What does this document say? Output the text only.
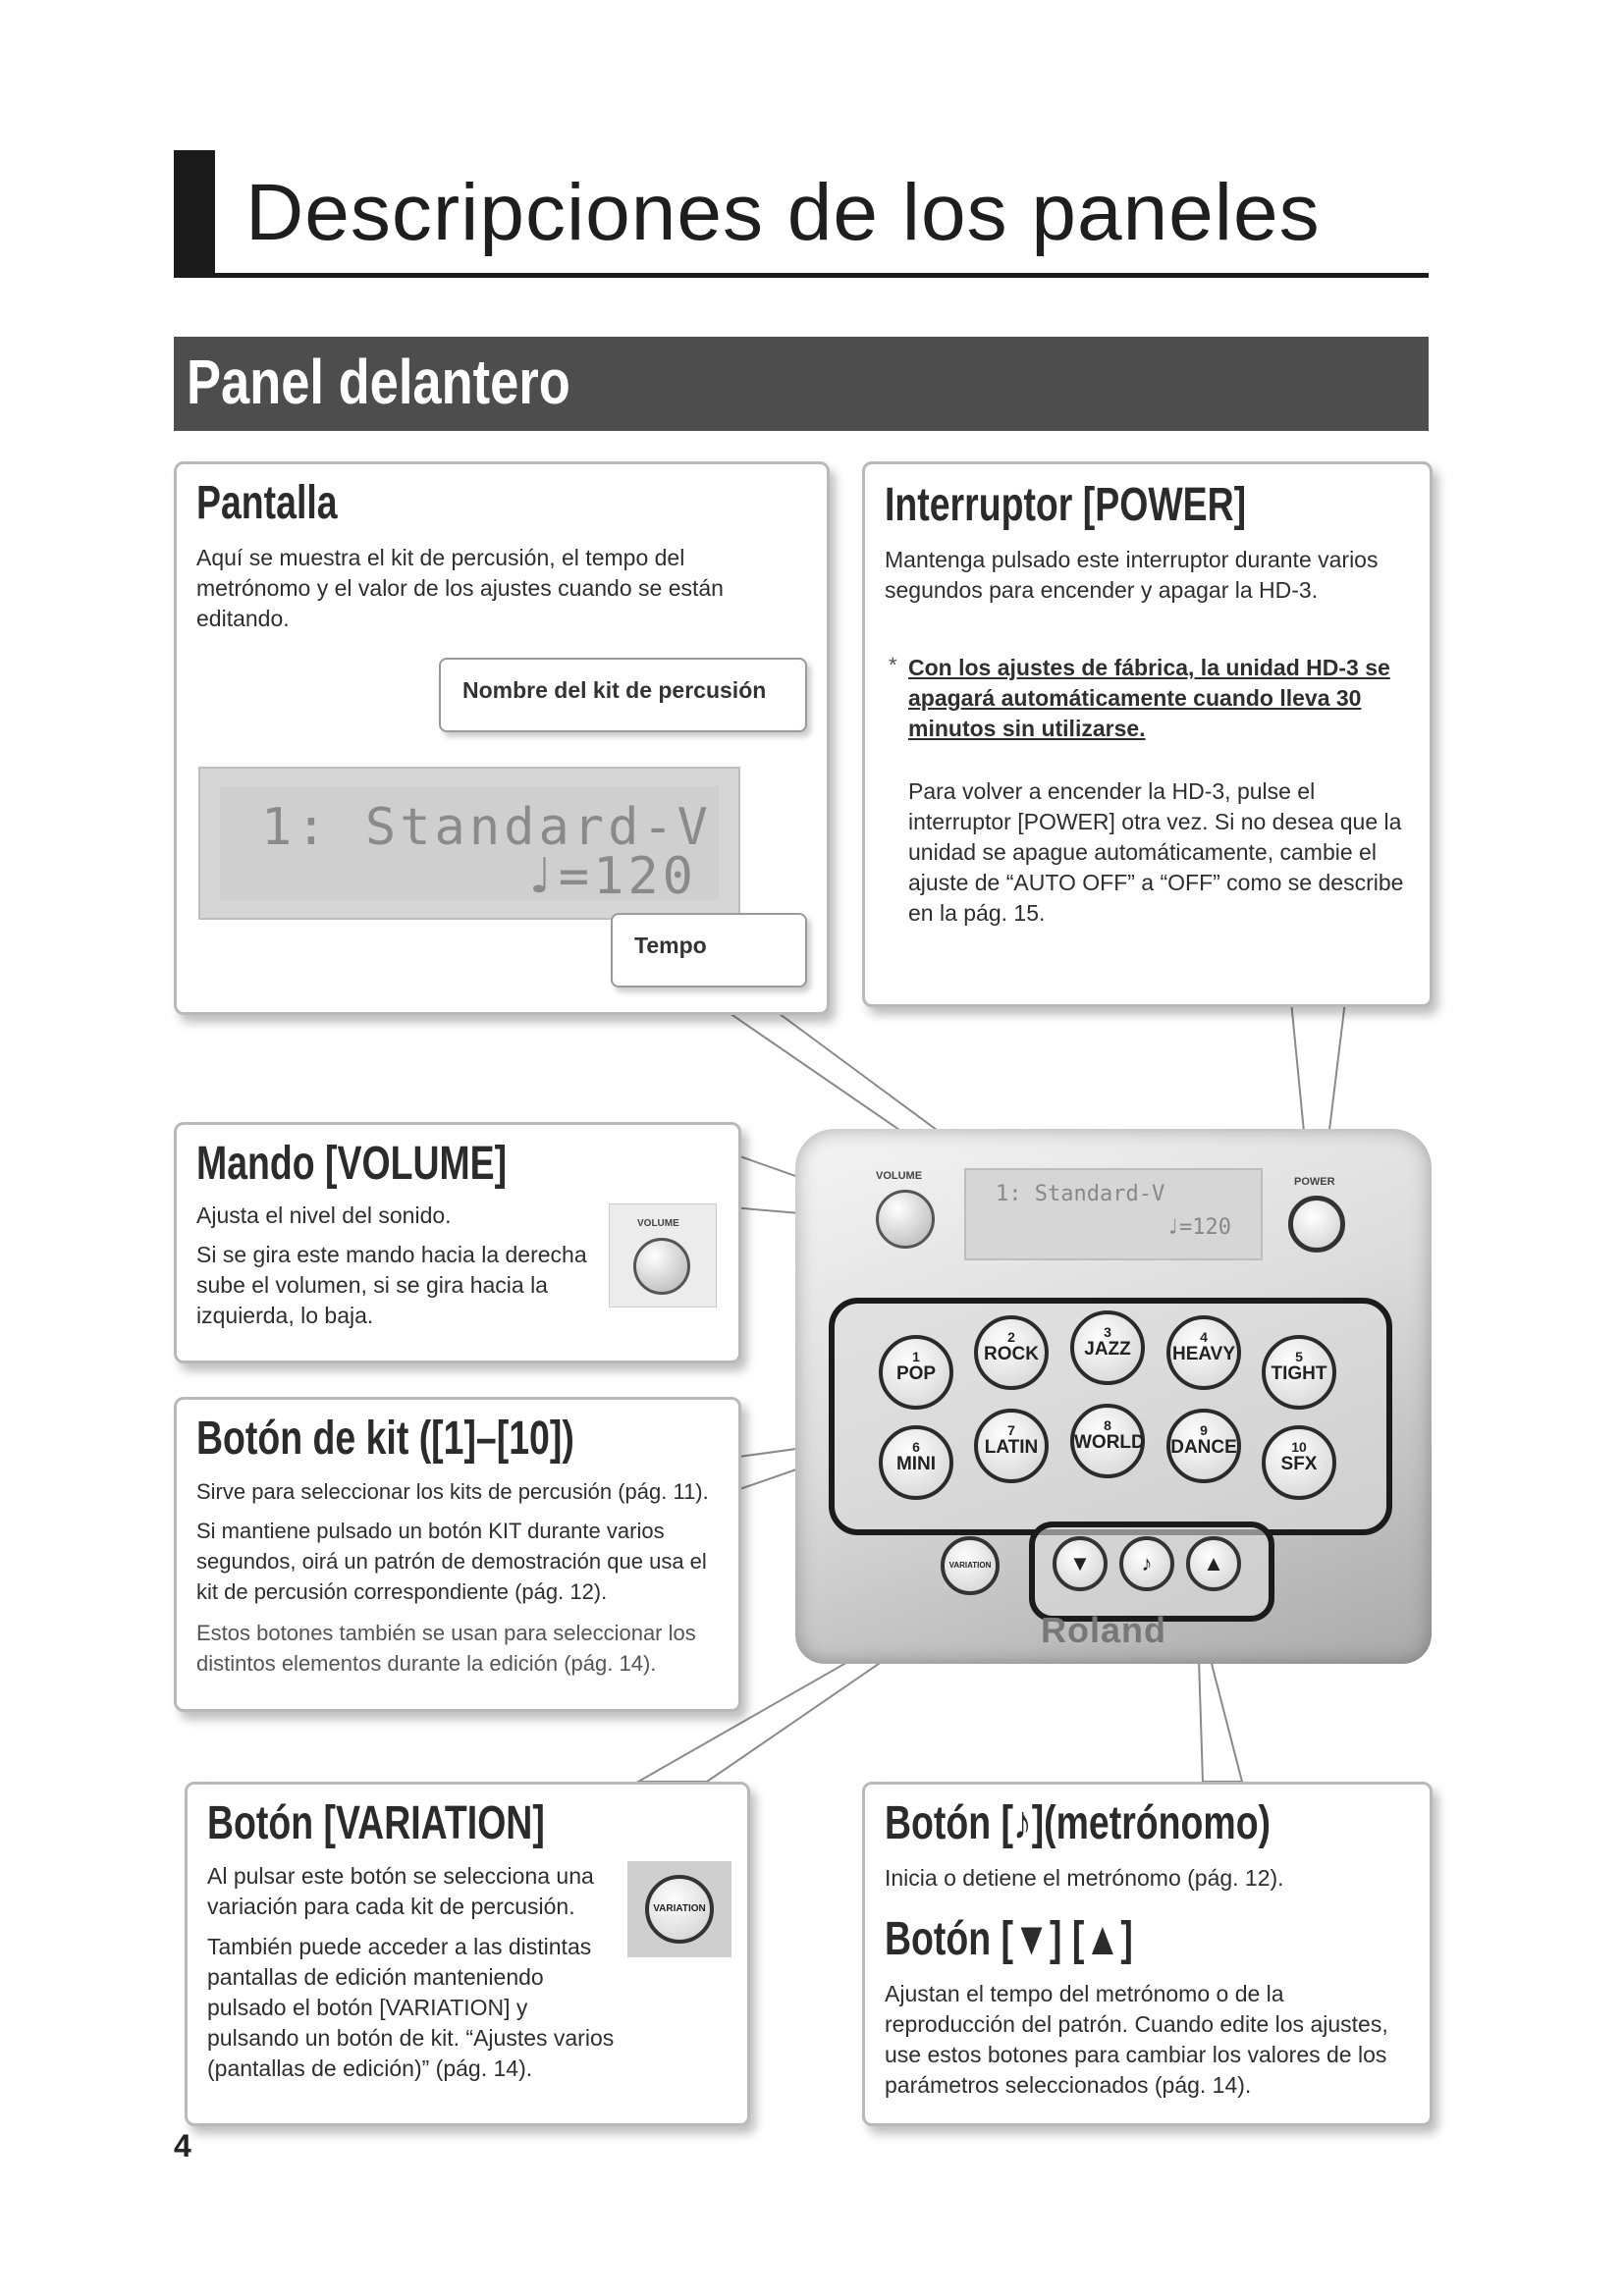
Descripciones de los paneles
Panel delantero
Pantalla

Aquí se muestra el kit de percusión, el tempo del metrónomo y el valor de los ajustes cuando se están editando.

Nombre del kit de percusión
1: Standard-V
♩=120
Tempo
Interruptor [POWER]

Mantenga pulsado este interruptor durante varios segundos para encender y apagar la HD-3.

* Con los ajustes de fábrica, la unidad HD-3 se apagará automáticamente cuando lleva 30 minutos sin utilizarse.

Para volver a encender la HD-3, pulse el interruptor [POWER] otra vez. Si no desea que la unidad se apague automáticamente, cambie el ajuste de “AUTO OFF” a “OFF” como se describe en la pág. 15.

Mando [VOLUME]

Ajusta el nivel del sonido.

Si se gira este mando hacia la derecha sube el volumen, si se gira hacia la izquierda, lo baja.

VOLUME
Botón de kit ([1]–[10])

Sirve para seleccionar los kits de percusión (pág. 11).

Si mantiene pulsado un botón KIT durante varios segundos, oirá un patrón de demostración que usa el kit de percusión correspondiente (pág. 12).

Estos botones también se usan para seleccionar los distintos elementos durante la edición (pág. 14).

Botón [VARIATION]

Al pulsar este botón se selecciona una variación para cada kit de percusión.

También puede acceder a las distintas pantallas de edición manteniendo pulsado el botón [VARIATION] y pulsando un botón de kit. “Ajustes varios (pantallas de edición)” (pág. 14).

VARIATION
Botón [♪](metrónomo)

Inicia o detiene el metrónomo (pág. 12).

Botón [▼] [▲]

Ajustan el tempo del metrónomo o de la reproducción del patrón. Cuando edite los ajustes, use estos botones para cambiar los valores de los parámetros seleccionados (pág. 14).

VOLUME
1: Standard-V
♩=120
POWER
1
POP
2
ROCK
3
JAZZ
4
HEAVY	5
TIGHT
6
MINI
7
LATIN
8
WORLD
9
DANCE	10
SFX
VARIATION	▼	♪	▲
Roland
4
